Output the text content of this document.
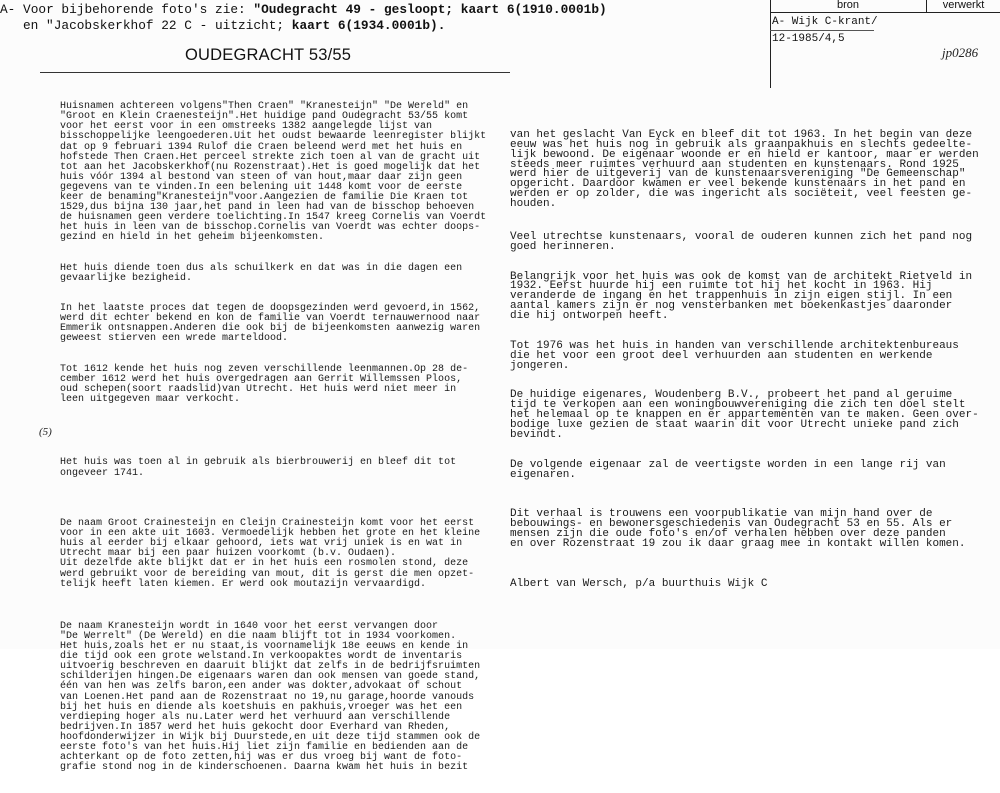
A- Voor bijbehorende foto's zie: "Oudegracht 49 - gesloopt; kaart 6(1910.0001b)
en "Jacobskerkhof 22 C - uitzicht; kaart 6(1934.0001b).
bron	verwerkt
A- Wijk C-krant/
12-1985/4,5
jp0286
OUDEGRACHT 53/55

Huisnamen achtereen volgens"Then Craen" "Kranesteijn" "De Wereld" en
"Groot en Klein Craenesteijn".Het huidige pand Oudegracht 53/55 komt
voor het eerst voor in een omstreeks 1382 aangelegde lijst van
bisschoppelijke leengoederen.Uit het oudst bewaarde leenregister blijkt
dat op 9 februari 1394 Rulof die Craen beleend werd met het huis en
hofstede Then Craen.Het perceel strekte zich toen al van de gracht uit
tot aan het Jacobskerkhof(nu Rozenstraat).Het is goed mogelijk dat het
huis vóór 1394 al bestond van steen of van hout,maar daar zijn geen
gegevens van te vinden.In een belening uit 1448 komt voor de eerste
keer de benaming"Kranesteijn"voor.Aangezien de familie Die Kraen tot
1529,dus bijna 130 jaar,het pand in leen had van de bisschop behoeven
de huisnamen geen verdere toelichting.In 1547 kreeg Cornelis van Voerdt
het huis in leen van de bisschop.Cornelis van Voerdt was echter doops-
gezind en hield in het geheim bijeenkomsten.

Het huis diende toen dus als schuilkerk en dat was in die dagen een
gevaarlijke bezigheid.

In het laatste proces dat tegen de doopsgezinden werd gevoerd,in 1562,
werd dit echter bekend en kon de familie van Voerdt ternauwernood naar
Emmerik ontsnappen.Anderen die ook bij de bijeenkomsten aanwezig waren
geweest stierven een wrede marteldood.

Tot 1612 kende het huis nog zeven verschillende leenmannen.Op 28 de-
cember 1612 werd het huis overgedragen aan Gerrit Willemssen Ploos,
oud schepen(soort raadslid)van Utrecht. Het huis werd niet meer in
leen uitgegeven maar verkocht.

(5)

Het huis was toen al in gebruik als bierbrouwerij en bleef dit tot
ongeveer 1741.

De naam Groot Crainesteijn en Cleijn Crainesteijn komt voor het eerst
voor in een akte uit 1603. Vermoedelijk hebben het grote en het kleine
huis al eerder bij elkaar gehoord, iets wat vrij uniek is en wat in
Utrecht maar bij een paar huizen voorkomt (b.v. Oudaen).
Uit dezelfde akte blijkt dat er in het huis een rosmolen stond, deze
werd gebruikt voor de bereiding van mout, dit is gerst die men opzet-
telijk heeft laten kiemen. Er werd ook moutazijn vervaardigd.

De naam Kranesteijn wordt in 1640 voor het eerst vervangen door
"De Werrelt" (De Wereld) en die naam blijft tot in 1934 voorkomen.
Het huis,zoals het er nu staat,is voornamelijk 18e eeuws en kende in
die tijd ook een grote welstand.In verkoopaktes wordt de inventaris
uitvoerig beschreven en daaruit blijkt dat zelfs in de bedrijfsruimten
schilderijen hingen.De eigenaars waren dan ook mensen van goede stand,
één van hen was zelfs baron,een ander was dokter,advokaat of schout
van Loenen.Het pand aan de Rozenstraat no 19,nu garage,hoorde vanouds
bij het huis en diende als koetshuis en pakhuis,vroeger was het een
verdieping hoger als nu.Later werd het verhuurd aan verschillende
bedrijven.In 1857 werd het huis gekocht door Everhard van Rheden,
hoofdonderwijzer in Wijk bij Duurstede,en uit deze tijd stammen ook de
eerste foto's van het huis.Hij liet zijn familie en bedienden aan de
achterkant op de foto zetten,hij was er dus vroeg bij want de foto-
grafie stond nog in de kinderschoenen. Daarna kwam het huis in bezit

van het geslacht Van Eyck en bleef dit tot 1963. In het begin van deze
eeuw was het huis nog in gebruik als graanpakhuis en slechts gedeelte-
lijk bewoond. De eigenaar woonde er en hield er kantoor, maar er werden
steeds meer ruimtes verhuurd aan studenten en kunstenaars. Rond 1925
werd hier de uitgeverij van de kunstenaarsvereniging "De Gemeenschap"
opgericht. Daardoor kwamen er veel bekende kunstenaars in het pand en
werden er op zolder, die was ingericht als sociëteit, veel feesten ge-
houden.

Veel utrechtse kunstenaars, vooral de ouderen kunnen zich het pand nog
goed herinneren.

Belangrijk voor het huis was ook de komst van de architekt Rietveld in
1932. Eerst huurde hij een ruimte tot hij het kocht in 1963. Hij
veranderde de ingang en het trappenhuis in zijn eigen stijl. In een
aantal kamers zijn er nog vensterbanken met boekenkastjes daaronder
die hij ontworpen heeft.

Tot 1976 was het huis in handen van verschillende architektenbureaus
die het voor een groot deel verhuurden aan studenten en werkende
jongeren.

De huidige eigenares, Woudenberg B.V., probeert het pand al geruime
tijd te verkopen aan een woningbouwvereniging die zich ten doel stelt
het helemaal op te knappen en er appartementen van te maken. Geen over-
bodige luxe gezien de staat waarin dit voor Utrecht unieke pand zich
bevindt.

De volgende eigenaar zal de veertigste worden in een lange rij van
eigenaren.

Dit verhaal is trouwens een voorpublikatie van mijn hand over de
bebouwings- en bewonersgeschiedenis van Oudegracht 53 en 55. Als er
mensen zijn die oude foto's en/of verhalen hebben over deze panden
en over Rozenstraat 19 zou ik daar graag mee in kontakt willen komen.

Albert van Wersch, p/a buurthuis Wijk C
